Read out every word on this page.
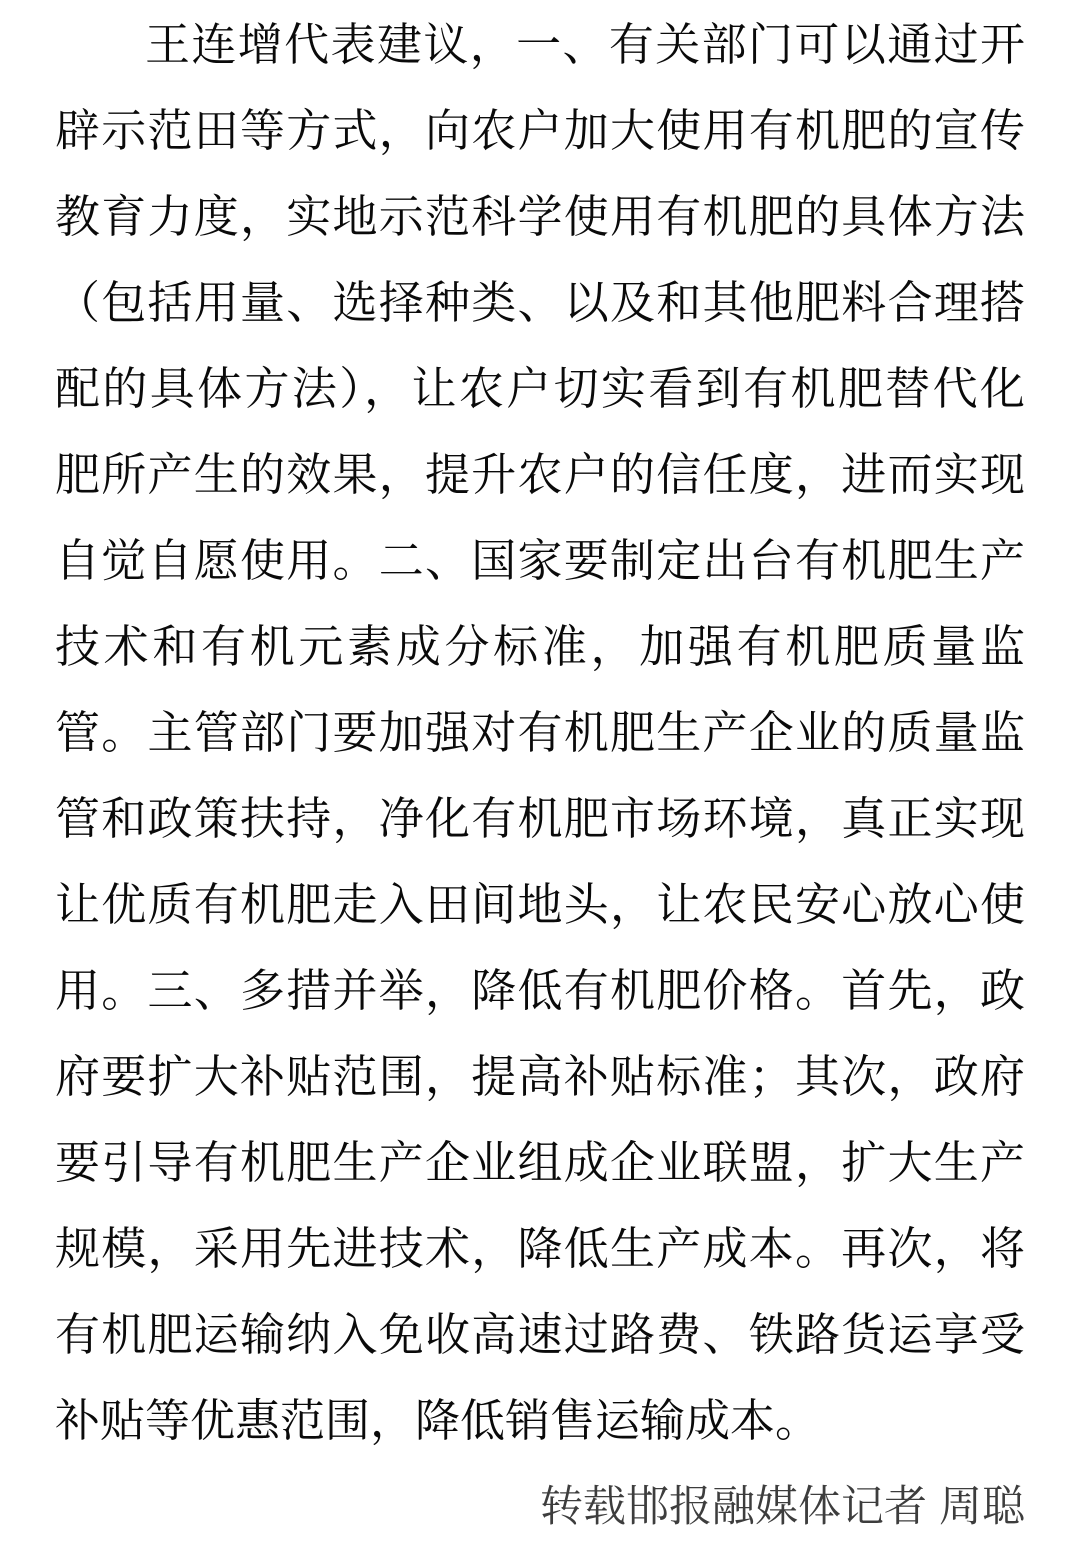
王连增代表建议，一、有关部门可以通过开
辟示范田等方式，向农户加大使用有机肥的宣传
教育力度，实地示范科学使用有机肥的具体方法
（包括用量、选择种类、以及和其他肥料合理搭
配的具体方法），让农户切实看到有机肥替代化
肥所产生的效果，提升农户的信任度，进而实现
自觉自愿使用。二、国家要制定出台有机肥生产
技术和有机元素成分标准，加强有机肥质量监
管。主管部门要加强对有机肥生产企业的质量监
管和政策扶持，净化有机肥市场环境，真正实现
让优质有机肥走入田间地头，让农民安心放心使
用。三、多措并举，降低有机肥价格。首先，政
府要扩大补贴范围，提高补贴标准；其次，政府
要引导有机肥生产企业组成企业联盟，扩大生产
规模，采用先进技术，降低生产成本。再次，将
有机肥运输纳入免收高速过路费、铁路货运享受
补贴等优惠范围，降低销售运输成本。
转载邯报融媒体记者 周聪
